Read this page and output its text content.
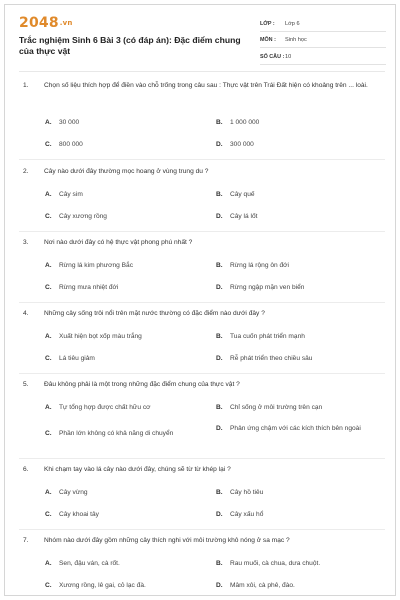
2048.vn
Trắc nghiệm Sinh 6 Bài 3 (có đáp án): Đặc điểm chung của thực vật
LỚP :	Lớp 6
MÔN :	Sinh học
SỐ CÂU : 10
1.	Chọn số liệu thích hợp để điền vào chỗ trống trong câu sau : Thực vật trên Trái Đất hiện có khoảng trên ... loài.
A. 30 000	B. 1 000 000
C. 800 000	D. 300 000
2.	Cây nào dưới đây thường mọc hoang ở vùng trung du ?
A. Cây sim	B. Cây quế
C. Cây xương rồng	D. Cây lá lốt
3.	Nơi nào dưới đây có hệ thực vật phong phú nhất ?
A. Rừng lá kim phương Bắc	B. Rừng lá rộng ôn đới
C. Rừng mưa nhiệt đới	D. Rừng ngập mặn ven biển
4.	Những cây sống trôi nổi trên mặt nước thường có đặc điểm nào dưới đây ?
A. Xuất hiện bọt xốp màu trắng	B. Tua cuốn phát triển mạnh
C. Lá tiêu giảm	D. Rễ phát triển theo chiều sâu
5.	Đâu không phải là một trong những đặc điểm chung của thực vật ?
A. Tự tổng hợp được chất hữu cơ	B. Chỉ sống ở môi trường trên cạn
C. Phần lớn không có khả năng di chuyển
D. Phản ứng chậm với các kích thích bên ngoài
6.	Khi chạm tay vào lá cây nào dưới đây, chúng sẽ từ từ khép lại ?
A. Cây vừng	B. Cây hồ tiêu
C. Cây khoai tây	D. Cây xấu hổ
7.	Nhóm nào dưới đây gồm những cây thích nghi với môi trường khô nóng ở sa mạc ?
A. Sen, đậu ván, cà rốt.	B. Rau muối, cà chua, dưa chuột.
C. Xương rồng, lê gai, cỏ lạc đà.	D. Mâm xôi, cà phê, đào.
